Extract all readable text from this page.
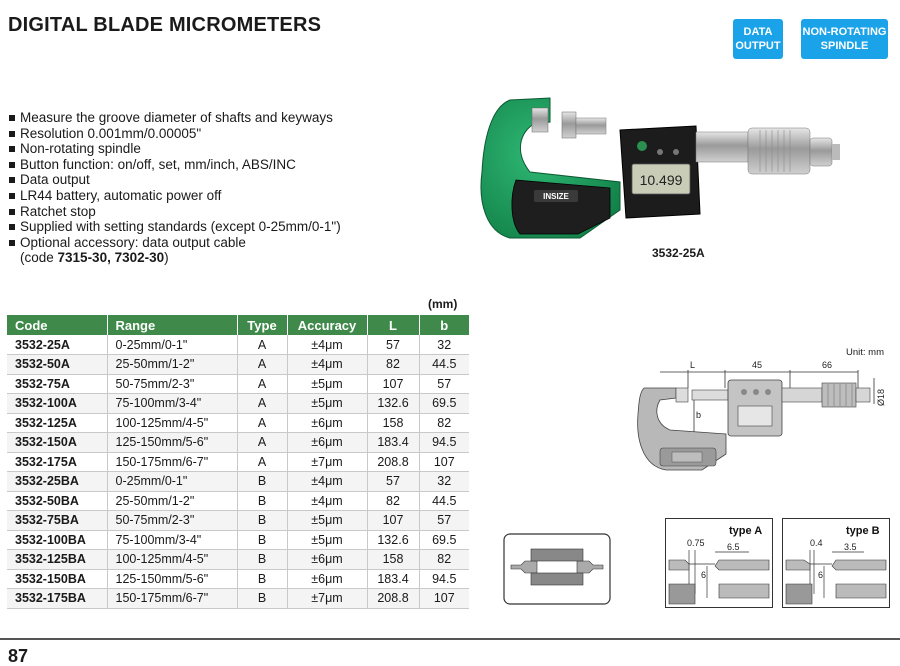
DIGITAL BLADE MICROMETERS	DATA
OUTPUT
NON-ROTATING
SPINDLE
Measure the groove diameter of shafts and keyways
Resolution 0.001mm/0.00005"
Non-rotating spindle
Button function: on/off, set, mm/inch, ABS/INC
Data output
LR44 battery, automatic power off
Ratchet stop
Supplied with setting standards (except 0-25mm/0-1")
Optional accessory: data output cable
(code 7315-30, 7302-30)
INSIZE
10.499
3532-25A
(mm)
Code	Range	Type	Accuracy	L	b
3532-25A	0-25mm/0-1"	A	±4μm	57	32
3532-50A	25-50mm/1-2"	A	±4μm	82	44.5
3532-75A	50-75mm/2-3"	A	±5μm	107	57
3532-100A	75-100mm/3-4"	A	±5μm	132.6	69.5
3532-125A	100-125mm/4-5"	A	±6μm	158	82
3532-150A	125-150mm/5-6"	A	±6μm	183.4	94.5
3532-175A	150-175mm/6-7"	A	±7μm	208.8	107
3532-25BA	0-25mm/0-1"	B	±4μm	57	32
3532-50BA	25-50mm/1-2"	B	±4μm	82	44.5
3532-75BA	50-75mm/2-3"	B	±5μm	107	57
3532-100BA	75-100mm/3-4"	B	±5μm	132.6	69.5
3532-125BA	100-125mm/4-5"	B	±6μm	158	82
3532-150BA	125-150mm/5-6"	B	±6μm	183.4	94.5
3532-175BA	150-175mm/6-7"	B	±7μm	208.8	107
Unit: mm
L	45	66
b
Ø18
type A
0.75 6.5
6
type B
0.4 3.5
6
87
